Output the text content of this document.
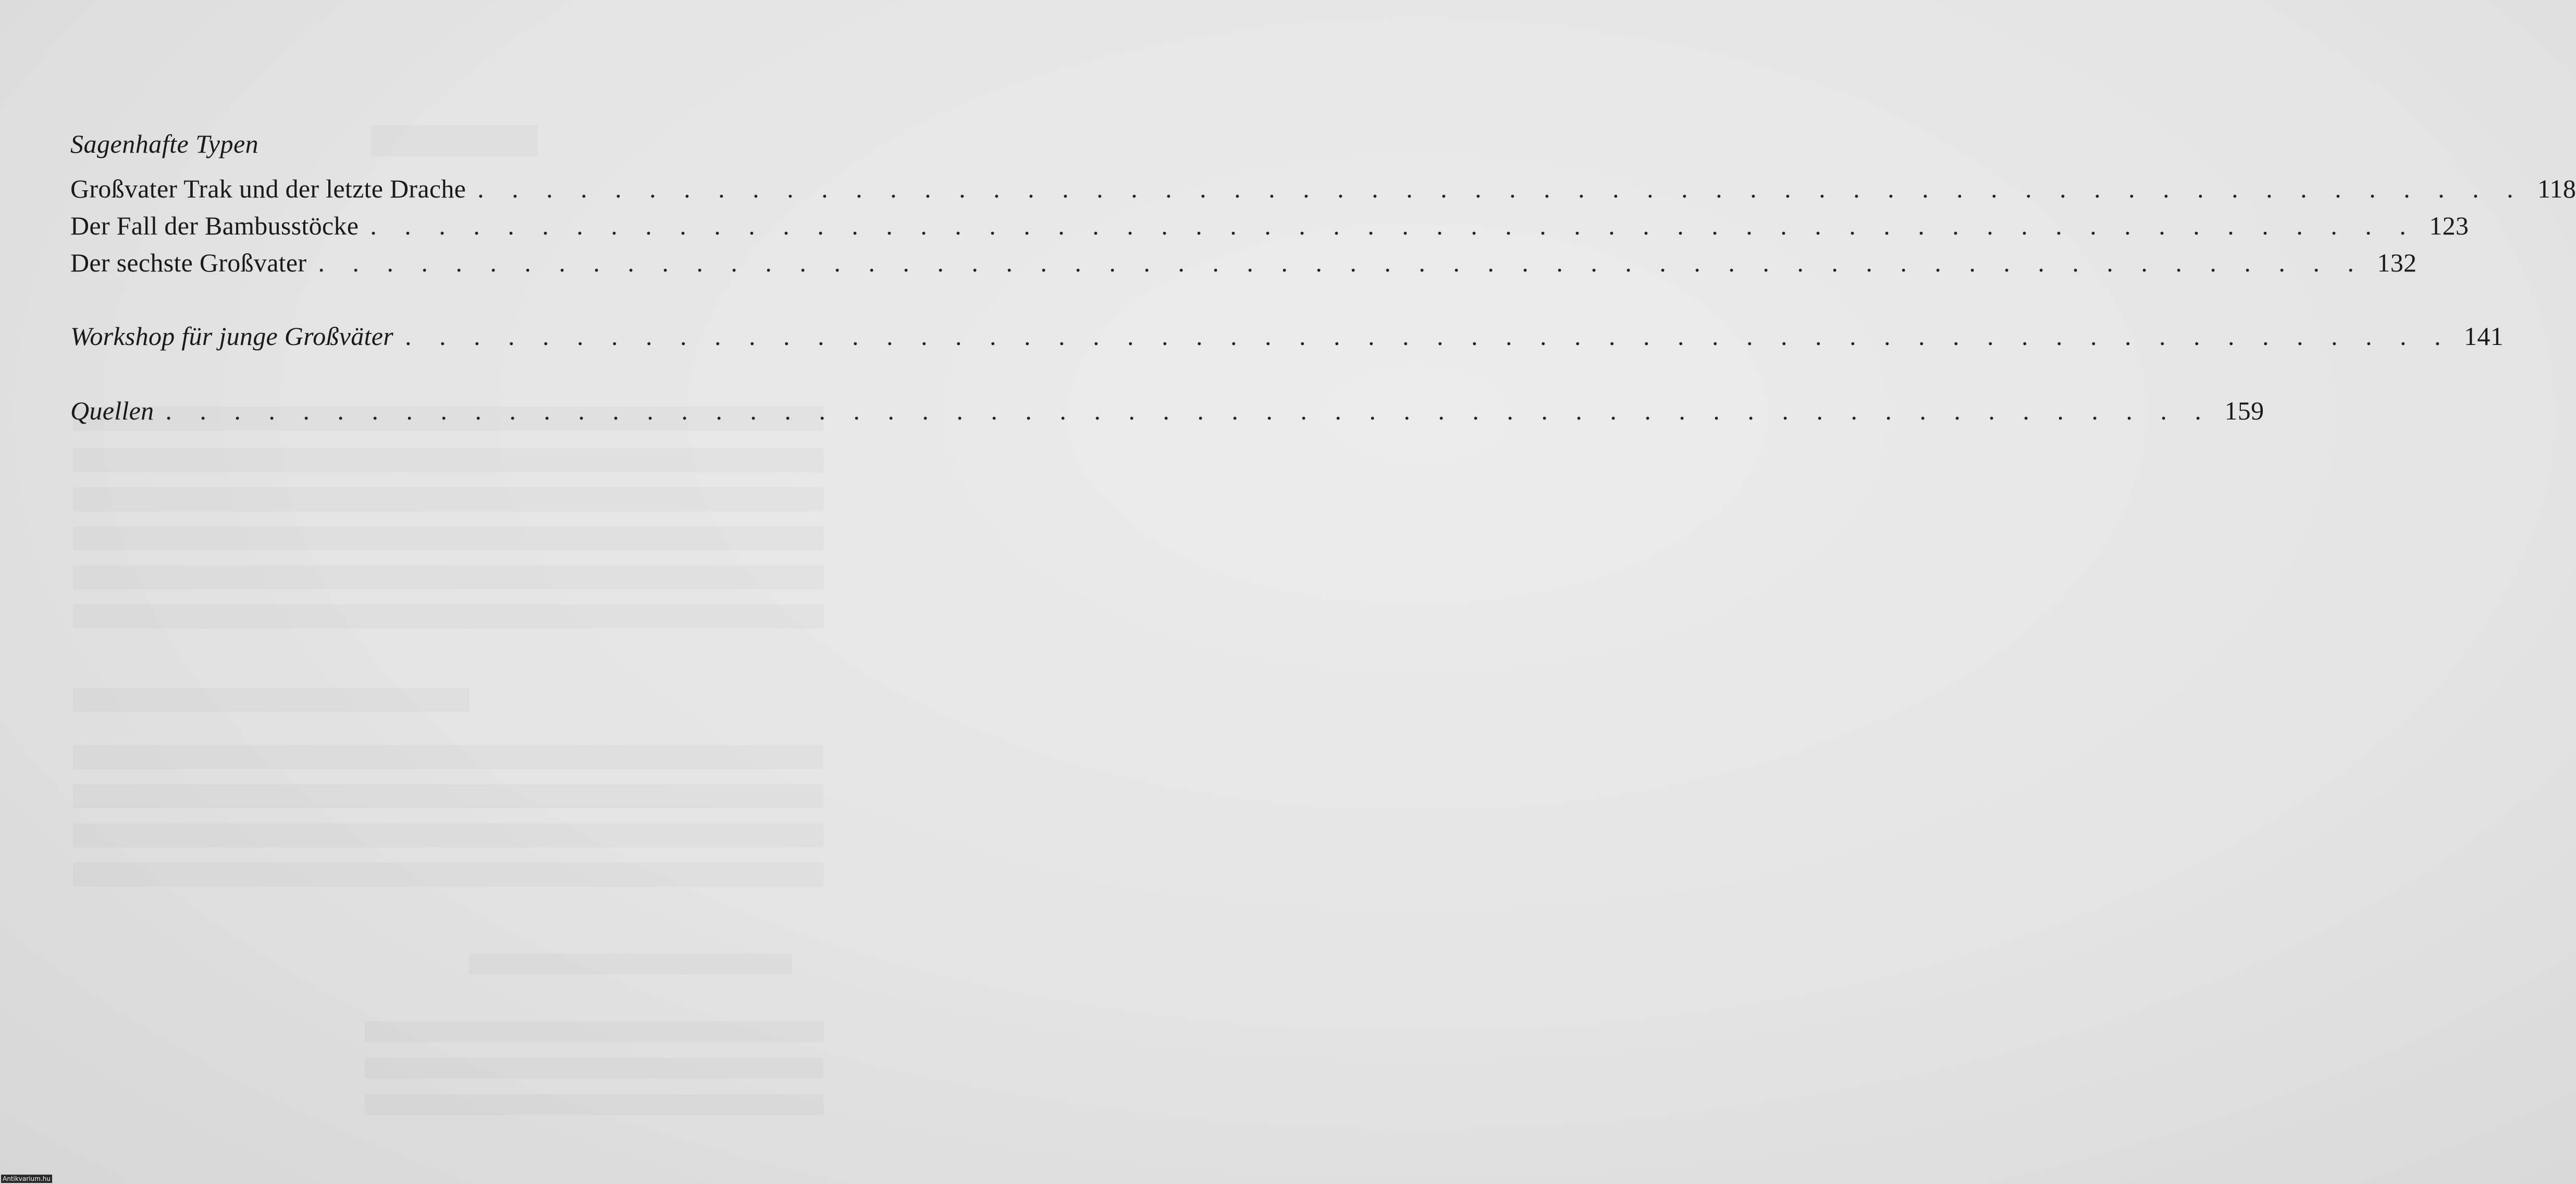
Sagenhafte Typen
Großvater Trak und der letzte Drache . . . . . . . . . . . . . . . . . . . . . . . . . . . . . . . . . . . . . . . . . . . . . . . . . . . . . . . . . . . . 118
Der Fall der Bambusstöcke . . . . . . . . . . . . . . . . . . . . . . . . . . . . . . . . . . . . . . . . . . . . . . . . . . . . . . . . . . . . 123
Der sechste Großvater . . . . . . . . . . . . . . . . . . . . . . . . . . . . . . . . . . . . . . . . . . . . . . . . . . . . . . . . . . . . 132
Workshop für junge Großväter . . . . . . . . . . . . . . . . . . . . . . . . . . . . . . . . . . . . . . . . . . . . . . . . . . . . . . . . . . . . 141
Quellen . . . . . . . . . . . . . . . . . . . . . . . . . . . . . . . . . . . . . . . . . . . . . . . . . . . . . . . . . . . . 159
Antikvarium.hu
